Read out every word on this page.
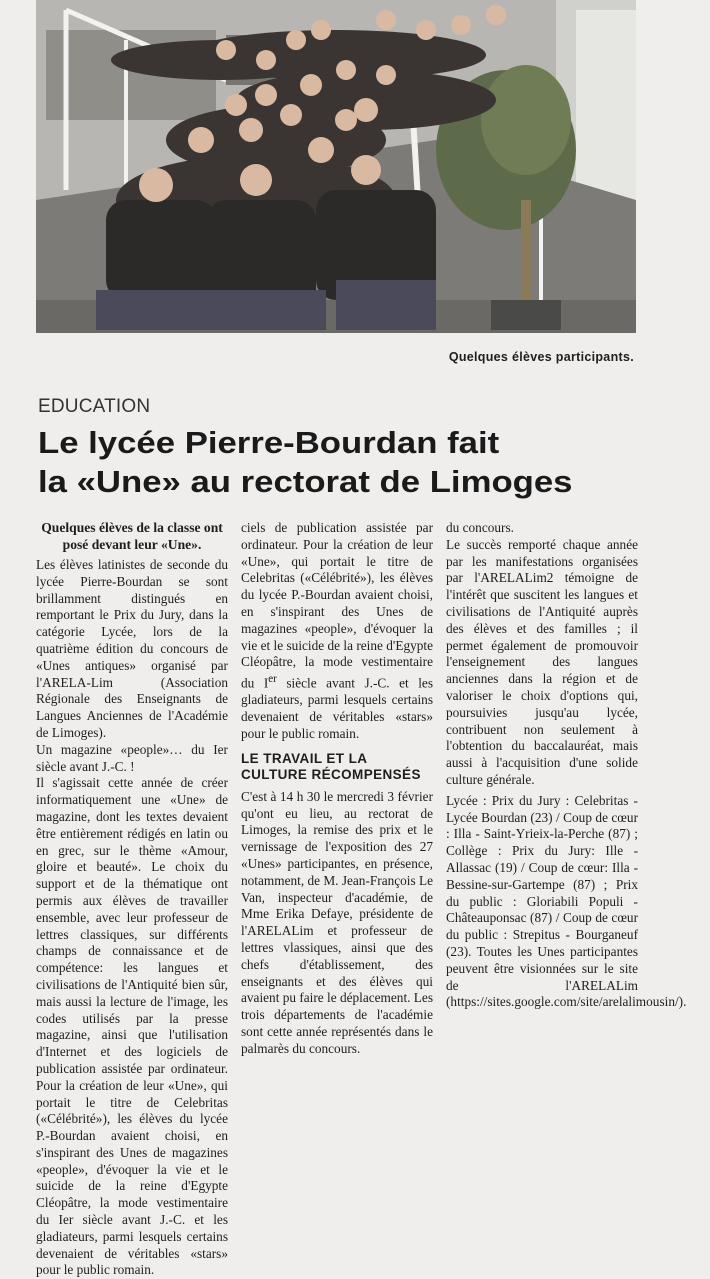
Quelques élèves participants.
EDUCATION
Le lycée Pierre-Bourdan fait
la «Une» au rectorat de Limoges

Quelques élèves de la classe ont posé devant leur «Une».

Les élèves latinistes de seconde du lycée Pierre-Bourdan se sont brillamment distingués en remportant le Prix du Jury, dans la catégorie Lycée, lors de la quatrième édition du concours de «Unes antiques» organisé par l'ARELA-Lim (Association Régionale des Enseignants de Langues Anciennes de l'Académie de Limoges).

Un magazine «people»… du Ier siècle avant J.-C. !

Il s'agissait cette année de créer informatiquement une «Une» de magazine, dont les textes devaient être entièrement rédigés en latin ou en grec, sur le thème «Amour, gloire et beauté». Le choix du support et de la thématique ont permis aux élèves de travailler ensemble, avec leur professeur de lettres classiques, sur différents champs de connaissance et de compétence: les langues et civilisations de l'Antiquité bien sûr, mais aussi la lecture de l'image, les codes utilisés par la presse magazine, ainsi que l'utilisation d'Internet et des logiciels de publication assistée par ordinateur. Pour la création de leur «Une», qui portait le titre de Celebritas («Célébrité»), les élèves du lycée P.-Bourdan avaient choisi, en s'inspirant des Unes de magazines «people», d'évoquer la vie et le suicide de la reine d'Egypte Cléopâtre, la mode vestimentaire du Ier siècle avant J.-C. et les gladiateurs, parmi lesquels certains devenaient de véritables «stars» pour le public romain.

ciels de publication assistée par ordinateur. Pour la création de leur «Une», qui portait le titre de Celebritas («Célébrité»), les élèves du lycée P.-Bourdan avaient choisi, en s'inspirant des Unes de magazines «people», d'évoquer la vie et le suicide de la reine d'Egypte Cléopâtre, la mode vestimentaire du Ier siècle avant J.-C. et les gladiateurs, parmi lesquels certains devenaient de véritables «stars» pour le public romain.

LE TRAVAIL ET LA CULTURE RÉCOMPENSÉS

C'est à 14 h 30 le mercredi 3 février qu'ont eu lieu, au rectorat de Limoges, la remise des prix et le vernissage de l'exposition des 27 «Unes» participantes, en présence, notamment, de M. Jean-François Le Van, inspecteur d'académie, de Mme Erika Defaye, présidente de l'ARELALim et professeur de lettres vlassiques, ainsi que des chefs d'établissement, des enseignants et des élèves qui avaient pu faire le déplacement. Les trois départements de l'académie sont cette année représentés dans le palmarès du concours.

du concours.

Le succès remporté chaque année par les manifestations organisées par l'ARELALim2 témoigne de l'intérêt que suscitent les langues et civilisations de l'Antiquité auprès des élèves et des familles ; il permet également de promouvoir l'enseignement des langues anciennes dans la région et de valoriser le choix d'options qui, poursuivies jusqu'au lycée, contribuent non seulement à l'obtention du baccalauréat, mais aussi à l'acquisition d'une solide culture générale.

Lycée : Prix du Jury : Celebritas - Lycée Bourdan (23) / Coup de cœur : Illa - Saint-Yrieix-la-Perche (87) ; Collège : Prix du Jury: Ille - Allassac (19) / Coup de cœur: Illa - Bessine-sur-Gartempe (87) ; Prix du public : Gloriabili Populi - Châteauponsac (87) / Coup de cœur du public : Strepitus - Bourganeuf (23). Toutes les Unes participantes peuvent être visionnées sur le site de l'ARELALim (https://sites.google.com/site/arelalimousin/).
